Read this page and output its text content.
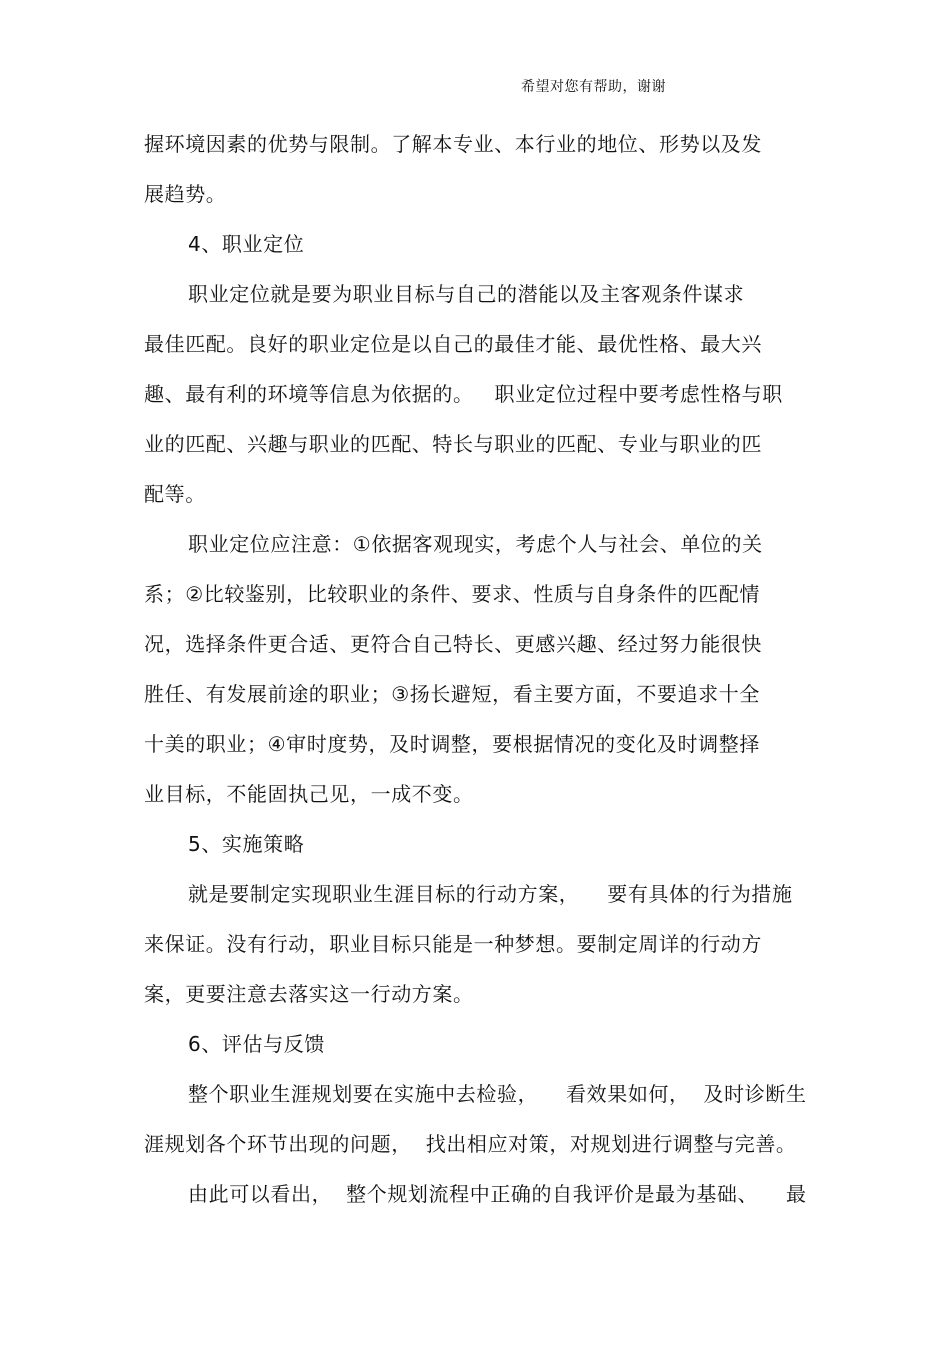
希望对您有帮助，谢谢
握环境因素的优势与限制。了解本专业、本行业的地位、形势以及发
展趋势。
4、职业定位
职业定位就是要为职业目标与自己的潜能以及主客观条件谋求
最佳匹配。良好的职业定位是以自己的最佳才能、最优性格、最大兴
趣、最有利的环境等信息为依据的。   职业定位过程中要考虑性格与职
业的匹配、兴趣与职业的匹配、特长与职业的匹配、专业与职业的匹
配等。
职业定位应注意：①依据客观现实，考虑个人与社会、单位的关
系；②比较鉴别，比较职业的条件、要求、性质与自身条件的匹配情
况，选择条件更合适、更符合自己特长、更感兴趣、经过努力能很快
胜任、有发展前途的职业；③扬长避短，看主要方面，不要追求十全
十美的职业；④审时度势，及时调整，要根据情况的变化及时调整择
业目标，不能固执己见，一成不变。
5、实施策略
就是要制定实现职业生涯目标的行动方案，    要有具体的行为措施
来保证。没有行动，职业目标只能是一种梦想。要制定周详的行动方
案，更要注意去落实这一行动方案。
6、评估与反馈
整个职业生涯规划要在实施中去检验，    看效果如何，  及时诊断生
涯规划各个环节出现的问题，  找出相应对策，对规划进行调整与完善。
由此可以看出，  整个规划流程中正确的自我评价是最为基础、    最
